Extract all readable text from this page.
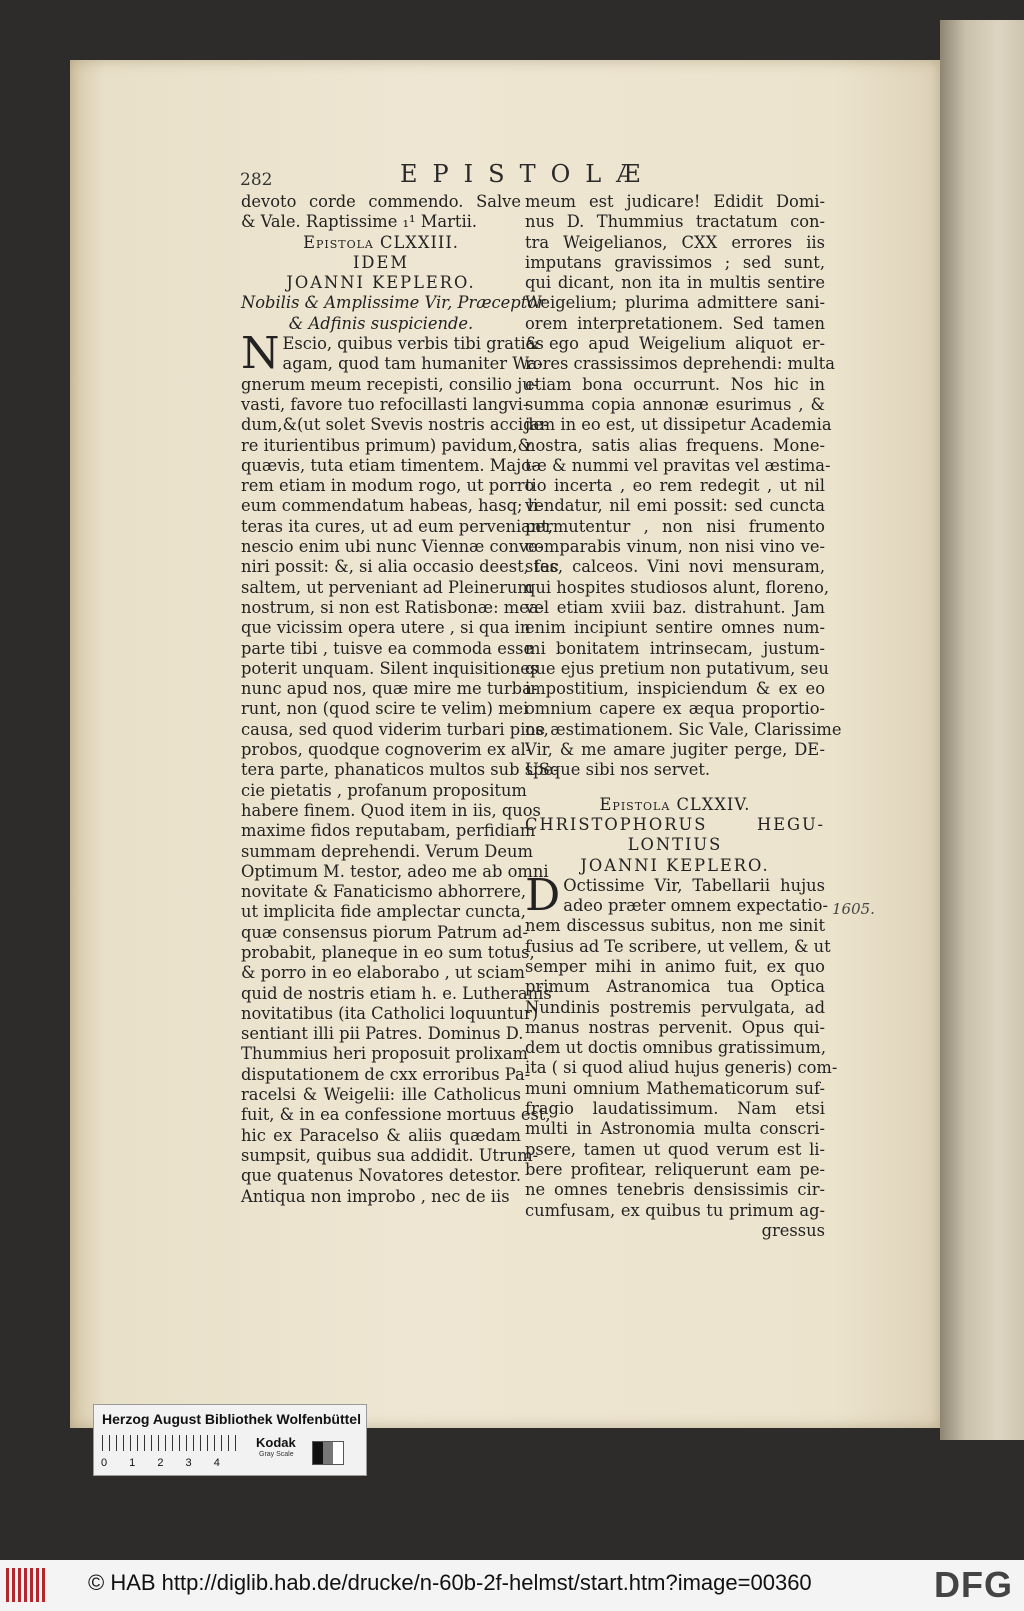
282	EPISTOLÆ
devoto corde commendo. Salve
& Vale. Raptissime ₁¹ Martii.
Epistola CLXXIII.
IDEM
JOANNI KEPLERO.
Nobilis & Amplissime Vir, Præceptor
& Adfinis suspiciende.
N Escio, quibus verbis tibi gratias
agam, quod tam humaniter Wa-
gnerum meum recepisti, consilio ju-
vasti, favore tuo refocillasti langvi-
dum,&(ut solet Svevis nostris accide-
re iturientibus primum) pavidum,&
quævis, tuta etiam timentem. Majo-
rem etiam in modum rogo, ut porro
eum commendatum habeas, hasq; li-
teras ita cures, ut ad eum perveniant,
nescio enim ubi nunc Viennæ conve-
niri possit: &, si alia occasio deest, fac
saltem, ut perveniant ad Pleinerum
nostrum, si non est Ratisbonæ: mea-
que vicissim opera utere , si qua in
parte tibi , tuisve ea commoda esse
poterit unquam. Silent inquisitiones
nunc apud nos, quæ mire me turba-
runt, non (quod scire te velim) mei
causa, sed quod viderim turbari pios,
probos, quodque cognoverim ex al-
tera parte, phanaticos multos sub spe-
cie pietatis , profanum propositum
habere finem. Quod item in iis, quos
maxime fidos reputabam, perfidiam
summam deprehendi. Verum Deum
Optimum M. testor, adeo me ab omni
novitate & Fanaticismo abhorrere,
ut implicita fide amplectar cuncta,
quæ consensus piorum Patrum ad-
probabit, planeque in eo sum totus,
& porro in eo elaborabo , ut sciam
quid de nostris etiam h. e. Lutheranis
novitatibus (ita Catholici loquuntur)
sentiant illi pii Patres. Dominus D.
Thummius heri proposuit prolixam
disputationem de cxx erroribus Pa-
racelsi & Weigelii: ille Catholicus
fuit, & in ea confessione mortuus est,
hic ex Paracelso & aliis quædam
sumpsit, quibus sua addidit. Utrum-
que quatenus Novatores detestor.
Antiqua non improbo , nec de iis
meum est judicare! Edidit Domi-
nus D. Thummius tractatum con-
tra Weigelianos, CXX errores iis
imputans gravissimos ; sed sunt,
qui dicant, non ita in multis sentire
Weigelium; plurima admittere sani-
orem interpretationem. Sed tamen
& ego apud Weigelium aliquot er-
rores crassissimos deprehendi: multa
etiam bona occurrunt. Nos hic in
summa copia annonæ esurimus , &
jam in eo est, ut dissipetur Academia
nostra, satis alias frequens. Mone-
tæ & nummi vel pravitas vel æstima-
tio incerta , eo rem redegit , ut nil
vendatur, nil emi possit: sed cuncta
permutentur , non nisi frumento
comparabis vinum, non nisi vino ve-
stes, calceos. Vini novi mensuram,
qui hospites studiosos alunt, floreno,
vel etiam xviii baz. distrahunt. Jam
enim incipiunt sentire omnes num-
mi bonitatem intrinsecam, justum-
que ejus pretium non putativum, seu
impostitium, inspiciendum & ex eo
omnium capere ex æqua proportio-
ne æstimationem. Sic Vale, Clarissime
Vir, & me amare jugiter perge, DE-
USque sibi nos servet.
Epistola CLXXIV.
CHRISTOPHORUS HEGU-
LONTIUS
JOANNI KEPLERO.
D Octissime Vir, Tabellarii hujus
adeo præter omnem expectatio-
nem discessus subitus, non me sinit
fusius ad Te scribere, ut vellem, & ut
semper mihi in animo fuit, ex quo
primum Astranomica tua Optica
Nundinis postremis pervulgata, ad
manus nostras pervenit. Opus qui-
dem ut doctis omnibus gratissimum,
ita ( si quod aliud hujus generis) com-
muni omnium Mathematicorum suf-
fragio laudatissimum. Nam etsi
multi in Astronomia multa conscri-
psere, tamen ut quod verum est li-
bere profitear, reliquerunt eam pe-
ne omnes tenebris densissimis cir-
cumfusam, ex quibus tu primum ag-
gressus
1605.
Herzog August Bibliothek Wolfenbüttel
0 1 2 3 4
Kodak
Gray Scale
© HAB http://diglib.hab.de/drucke/n-60b-2f-helmst/start.htm?image=00360	DFG
